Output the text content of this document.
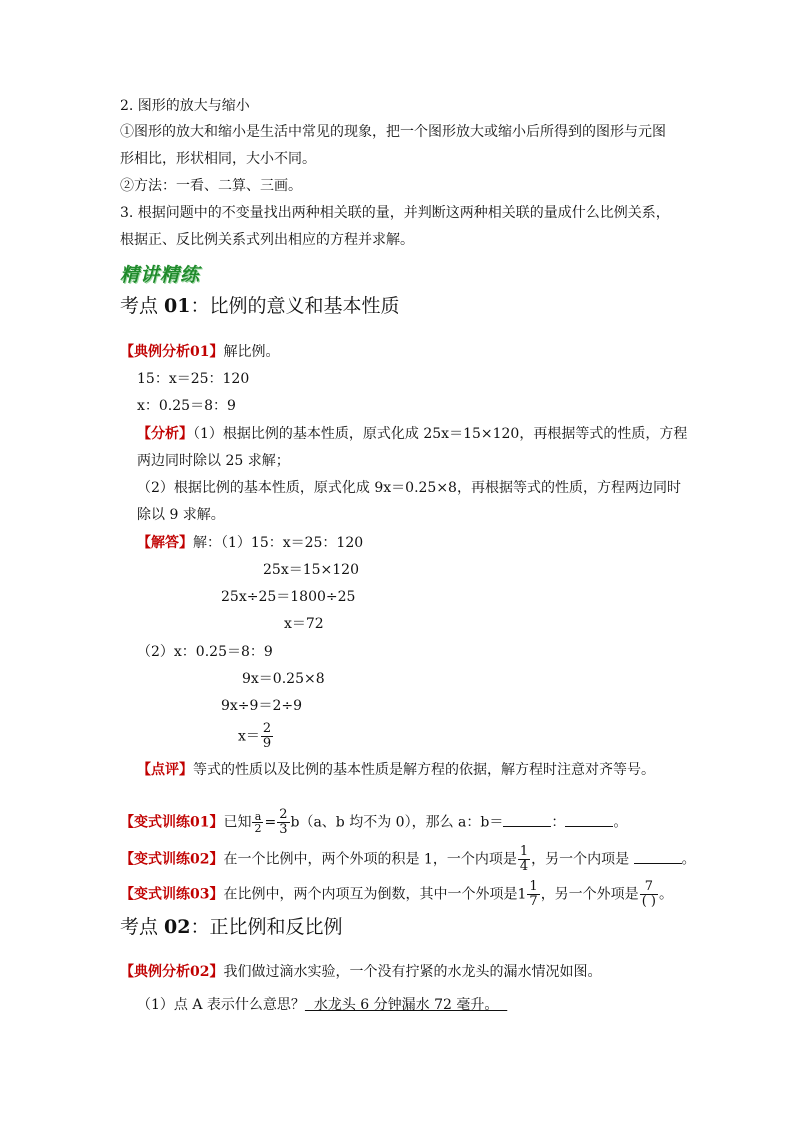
2. 图形的放大与缩小
①图形的放大和缩小是生活中常见的现象，把一个图形放大或缩小后所得到的图形与元图
形相比，形状相同，大小不同。
②方法：一看、二算、三画。
3. 根据问题中的不变量找出两种相关联的量，并判断这两种相关联的量成什么比例关系，
根据正、反比例关系式列出相应的方程并求解。
精讲精练
考点 01：比例的意义和基本性质
【典例分析01】解比例。
15：x＝25：120
x：0.25＝8：9
【分析】（1）根据比例的基本性质，原式化成 25x＝15×120，再根据等式的性质，方程
两边同时除以 25 求解；
（2）根据比例的基本性质，原式化成 9x＝0.25×8，再根据等式的性质，方程两边同时
除以 9 求解。
【解答】解：（1）15：x＝25：120
25x＝15×120
25x÷25＝1800÷25
x＝72
（2）x：0.25＝8：9
9x＝0.25×8
9x÷9＝2÷9
$x= \frac{2}{9}$
【点评】等式的性质以及比例的基本性质是解方程的依据，解方程时注意对齐等号。
【变式训练01】已知 $\frac{a}{2} = \frac{2}{3} b(a$、b 均不为 0），那么 a：b＝	：	。
【变式训练02】在一个比例中，两个外项的积是 1，一个内项是 $\frac{1}{4}$ ，另一个内项是	。
【变式训练03】在比例中，两个内项互为倒数，其中一个外项是$1 \frac{1}{7}$ ，另一个外项是 $\frac{7}{( )}$ 。
考点 02：正比例和反比例
【典例分析02】我们做过滴水实验，一个没有拧紧的水龙头的漏水情况如图。
（1）点 A 表示什么意思？  水龙头 6 分钟漏水 72 毫升。
